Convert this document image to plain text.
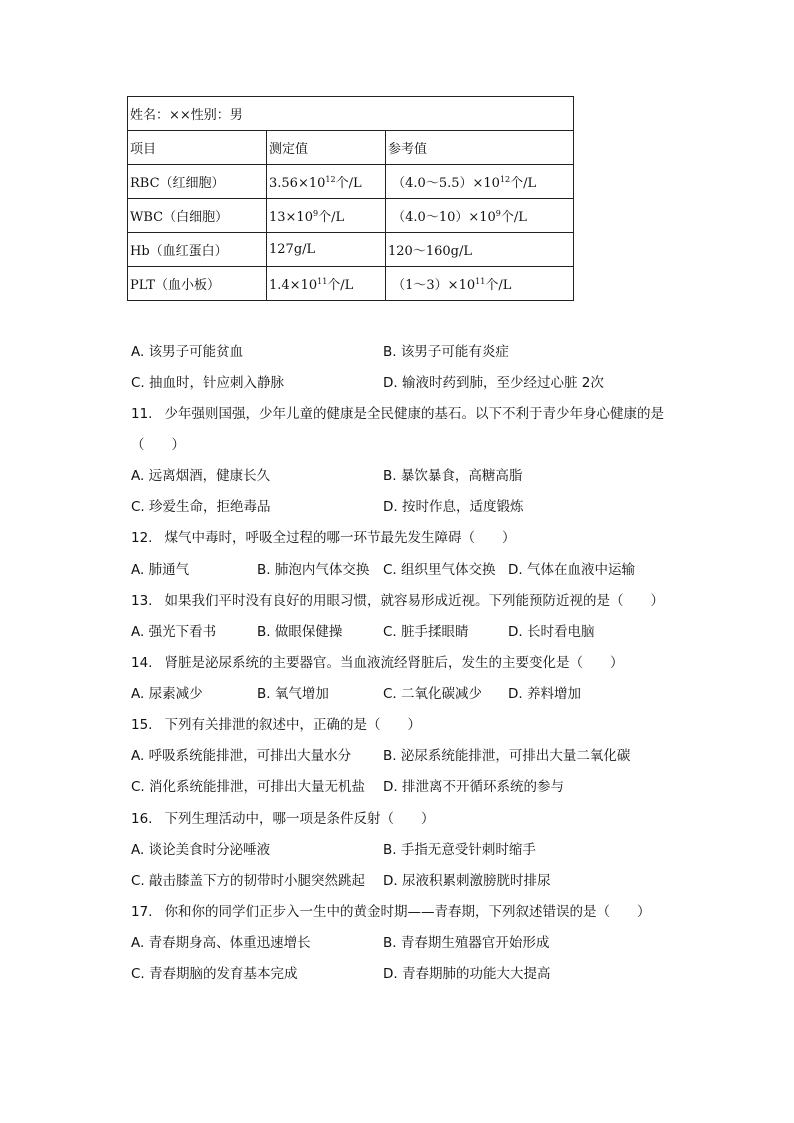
姓名：××性别：男		
项目	测定值	参考值
RBC（红细胞）	$3.56\times 10^{12}$个/L	$(4.0\sim 5.5)\times 10^{12}$个/L
WBC（白细胞）	$13\times 10^9$个/L	$(4.0\sim 10)\times 10^9$个/L
Hb（血红蛋白）	127g/L	120～160g/L
PLT（血小板）	$1.4\times 10^{11}$个/L	$(1\sim 3)\times 10^{11}$个/L
A. 该男子可能贫血	B. 该男子可能有炎症
C. 抽血时，针应刺入静脉	D. 输液时药到肺，至少经过心脏 2次
11. 少年强则国强，少年儿童的健康是全民健康的基石。以下不利于青少年身心健康的是
（　　）
A. 远离烟酒，健康长久	B. 暴饮暴食，高糖高脂
C. 珍爱生命，拒绝毒品	D. 按时作息，适度锻炼
12. 煤气中毒时，呼吸全过程的哪一环节最先发生障碍（　　）
A. 肺通气	B. 肺泡内气体交换 C. 组织里气体交换 D. 气体在血液中运输
13. 如果我们平时没有良好的用眼习惯，就容易形成近视。下列能预防近视的是（　　）
A. 强光下看书	B. 做眼保健操	C. 脏手揉眼睛	D. 长时看电脑
14. 肾脏是泌尿系统的主要器官。当血液流经肾脏后，发生的主要变化是（　　）
A. 尿素减少	B. 氧气增加	C. 二氧化碳减少 D. 养料增加
15. 下列有关排泄的叙述中，正确的是（　　）
A. 呼吸系统能排泄，可排出大量水分 B. 泌尿系统能排泄，可排出大量二氧化碳
C. 消化系统能排泄，可排出大量无机盐 D. 排泄离不开循环系统的参与
16. 下列生理活动中，哪一项是条件反射（　　）
A. 谈论美食时分泌唾液	B. 手指无意受针刺时缩手
C. 敲击膝盖下方的韧带时小腿突然跳起 D. 尿液积累刺激膀胱时排尿
17. 你和你的同学们正步入一生中的黄金时期——青春期，下列叙述错误的是（　　）
A. 青春期身高、体重迅速增长	B. 青春期生殖器官开始形成
C. 青春期脑的发育基本完成	D. 青春期肺的功能大大提高
